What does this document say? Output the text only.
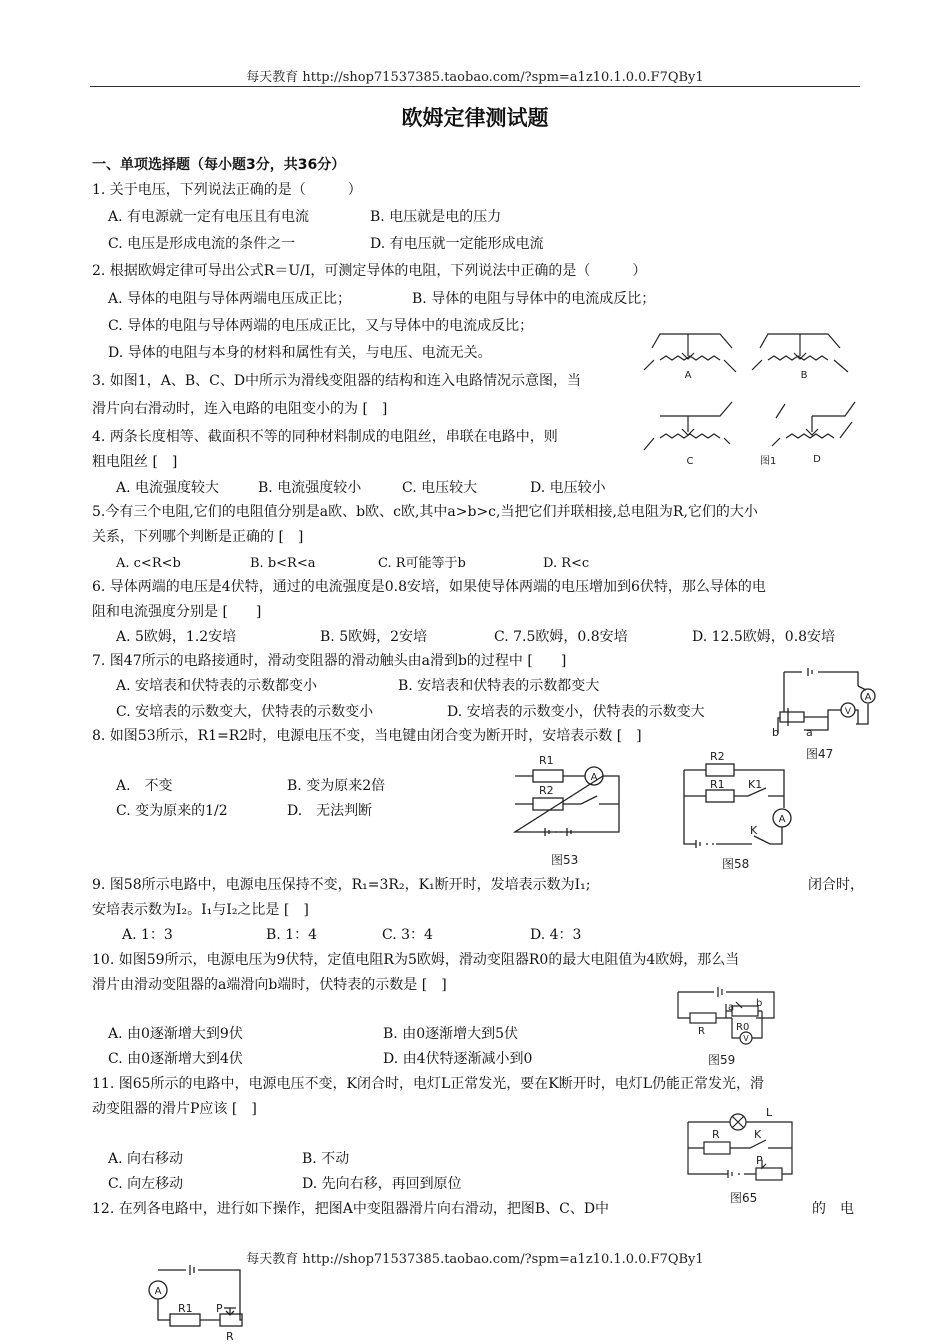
每天教育 http://shop71537385.taobao.com/?spm=a1z10.1.0.0.F7QBy1
欧姆定律测试题
一、单项选择题（每小题3分，共36分）
1. 关于电压，下列说法正确的是（　　　）
A. 有电源就一定有电压且有电流	B. 电压就是电的压力
C. 电压是形成电流的条件之一	D. 有电压就一定能形成电流
2. 根据欧姆定律可导出公式R＝U/I，可测定导体的电阻，下列说法中正确的是（　　　）
A. 导体的电阻与导体两端电压成正比；	B. 导体的电阻与导体中的电流成反比；
C. 导体的电阻与导体两端的电压成正比，又与导体中的电流成反比；
D. 导体的电阻与本身的材料和属性有关，与电压、电流无关。
3. 如图1，A、B、C、D中所示为滑线变阻器的结构和连入电路情况示意图，当
滑片向右滑动时，连入电路的电阻变小的为 [　]
4. 两条长度相等、截面积不等的同种材料制成的电阻丝，串联在电路中，则
粗电阻丝 [　]
A. 电流强度较大	B. 电流强度较小	C. 电压较大	D. 电压较小
5.今有三个电阻,它们的电阻值分别是a欧、b欧、c欧,其中a>b>c,当把它们并联相接,总电阻为R,它们的大小
关系，下列哪个判断是正确的 [　]
A. c<R<b	B. b<R<a	C. R可能等于b	D. R<c
6. 导体两端的电压是4伏特，通过的电流强度是0.8安培，如果使导体两端的电压增加到6伏特，那么导体的电
阻和电流强度分别是 [　　]
A. 5欧姆，1.2安培	B. 5欧姆，2安培	C. 7.5欧姆，0.8安培	D. 12.5欧姆，0.8安培
7. 图47所示的电路接通时，滑动变阻器的滑动触头由a滑到b的过程中 [　　]
A. 安培表和伏特表的示数都变小	B. 安培表和伏特表的示数都变大
C. 安培表的示数变大，伏特表的示数变小	D. 安培表的示数变小，伏特表的示数变大
8. 如图53所示，R1=R2时，电源电压不变，当电键由闭合变为断开时，安培表示数 [　]
A.　不变	B. 变为原来2倍
C. 变为原来的1/2	D.　无法判断
9. 图58所示电路中，电源电压保持不变，R₁=3R₂，K₁断开时，发培表示数为I₁;	闭合时，
安培表示数为I₂。I₁与I₂之比是 [　]
A. 1：3	B. 1：4	C. 3：4	D. 4：3
10. 如图59所示，电源电压为9伏特，定值电阻R为5欧姆，滑动变阻器R0的最大电阻值为4欧姆，那么当
滑片由滑动变阻器的a端滑向b端时，伏特表的示数是 [　]
A. 由0逐渐增大到9伏	B. 由0逐渐增大到5伏
C. 由0逐渐增大到4伏	D. 由4伏特逐渐减小到0
11. 图65所示的电路中，电源电压不变，K闭合时，电灯L正常发光，要在K断开时，电灯L仍能正常发光，滑
动变阻器的滑片P应该 [　]
A. 向右移动	B. 不动
C. 向左移动	D. 先向右移，再回到原位
12. 在列各电路中，进行如下操作，把图A中变阻器滑片向右滑动，把图B、C、D中	的　电
每天教育 http://shop71537385.taobao.com/?spm=a1z10.1.0.0.F7QBy1
A	B
C	图1	D
b a
A
V
图47
R1
R2
A
图53
R2
R1 K1
K
A
图58
a b
R	R0
V
图59
L
R	K
P
图65
A
R1 P
R
